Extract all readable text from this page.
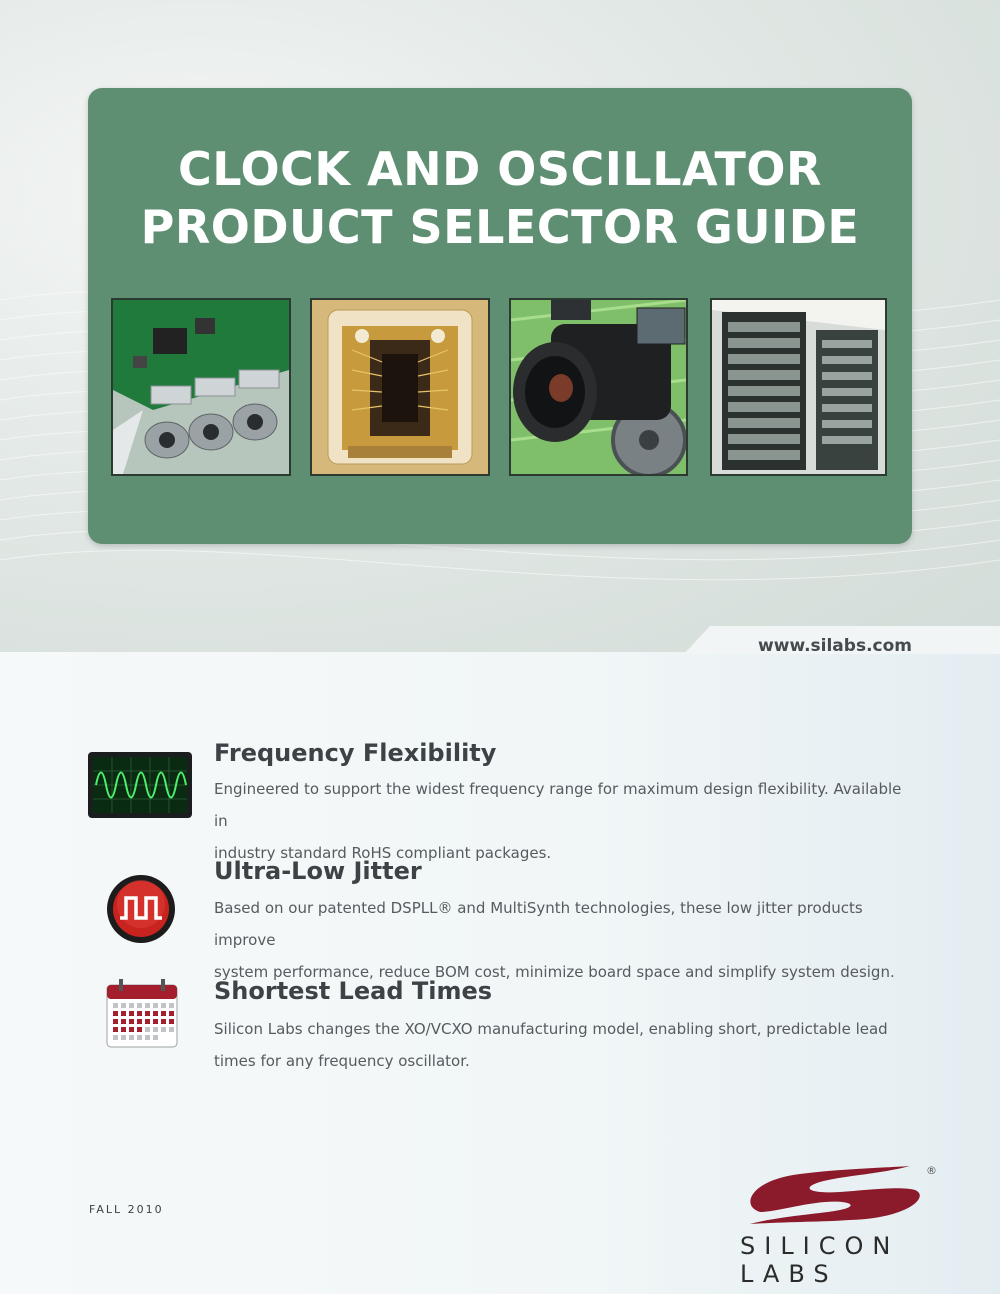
CLOCK AND OSCILLATOR
PRODUCT SELECTOR GUIDE
www.silabs.com
Frequency Flexibility
Engineered to support the widest frequency range for maximum design flexibility. Available in
industry standard RoHS compliant packages.
Ultra-Low Jitter
Based on our patented DSPLL® and MultiSynth technologies, these low jitter products improve
system performance, reduce BOM cost, minimize board space and simplify system design.
Shortest Lead Times
Silicon Labs changes the XO/VCXO manufacturing model, enabling short, predictable lead
times for any frequency oscillator.
FALL 2010
®
SILICON LABS
